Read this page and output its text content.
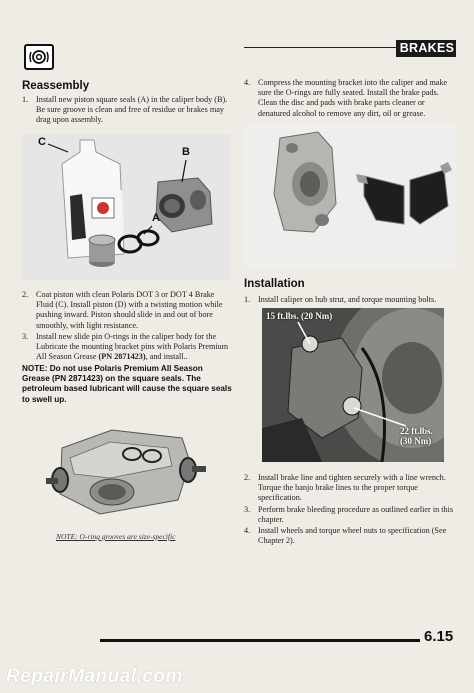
BRAKES
Reassembly
1. Install new piston square seals (A) in the caliper body (B). Be sure groove is clean and free of residue or brakes may drag upon assembly.
C
B
A
2. Coat piston with clean Polaris DOT 3 or DOT 4 Brake Fluid (C). Install piston (D) with a twisting motion while pushing inward. Piston should slide in and out of bore smoothly, with light resistance.
3. Install new slide pin O-rings in the caliper body for the Lubricate the mounting bracket pins with Polaris Premium All Season Grease (PN 2871423), and install..
NOTE: Do not use Polaris Premium All Season Grease (PN 2871423) on the square seals. The petroleum based lubricant will cause the square seals to swell up.
NOTE: O-ring grooves are size-specific
4. Compress the mounting bracket into the caliper and make sure the O-rings are fully seated. Install the brake pads. Clean the disc and pads with brake parts cleaner or denatured alcohol to remove any dirt, oil or grease.
Installation
1. Install caliper on hub strut, and torque mounting bolts.
15 ft.lbs. (20 Nm)
22 ft.lbs.
(30 Nm)
2. Install brake line and tighten securely with a line wrench. Torque the banjo brake lines to the proper torque specification.
3. Perform brake bleeding procedure as outlined earlier in this chapter.
4. Install wheels and torque wheel nuts to specification (See Chapter 2).
6.15
RepairManual.com
